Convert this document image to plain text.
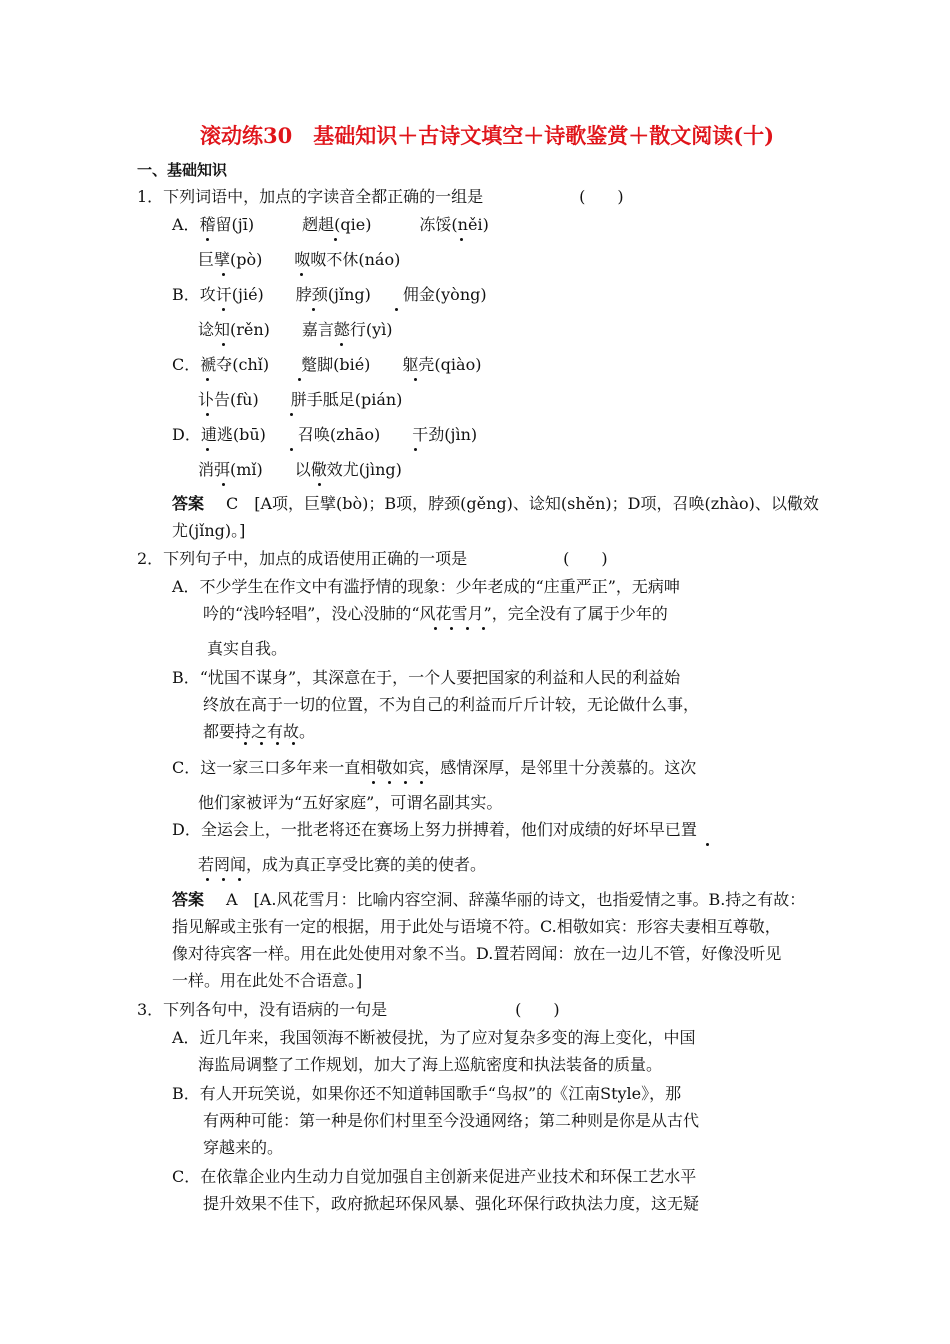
滚动练30　基础知识＋古诗文填空＋诗歌鉴赏＋散文阅读(十)
一、基础知识
1．下列词语中，加点的字读音全都正确的一组是　　　　　　(　　)
A．稽留(jī)　　　趔趄(qie)　　　冻馁(něi)
巨擘(pò)　　呶呶不休(náo)
B．攻讦(jié)　　脖颈(jǐng)　　佣金(yòng)
谂知(rěn)　　嘉言懿行(yì)
C．褫夺(chǐ)　　蹩脚(bié)　　躯壳(qiào)
讣告(fù)　　胼手胝足(pián)
D．逋逃(bū)　　召唤(zhāo)　　干劲(jìn)
消弭(mǐ)　　以儆效尤(jìng)
答案 C　[A项，巨擘(bò)；B项，脖颈(gěng)、谂知(shěn)；D项，召唤(zhào)、以儆效
尤(jǐng)。]
2．下列句子中，加点的成语使用正确的一项是　　　　　　(　　)
A．不少学生在作文中有滥抒情的现象：少年老成的“庄重严正”，无病呻
吟的“浅吟轻唱”，没心没肺的“风花雪月”，完全没有了属于少年的
真实自我。
B．“忧国不谋身”，其深意在于，一个人要把国家的利益和人民的利益始
终放在高于一切的位置，不为自己的利益而斤斤计较，无论做什么事，
都要持之有故。
C．这一家三口多年来一直相敬如宾，感情深厚，是邻里十分羡慕的。这次
他们家被评为“五好家庭”，可谓名副其实。
D．全运会上，一批老将还在赛场上努力拼搏着，他们对成绩的好坏早已置
若罔闻，成为真正享受比赛的美的使者。
答案 A　[A.风花雪月：比喻内容空洞、辞藻华丽的诗文，也指爱情之事。B.持之有故：
指见解或主张有一定的根据，用于此处与语境不符。C.相敬如宾：形容夫妻相互尊敬，
像对待宾客一样。用在此处使用对象不当。D.置若罔闻：放在一边儿不管，好像没听见
一样。用在此处不合语意。]
3．下列各句中，没有语病的一句是　　　　　　　　(　　)
A．近几年来，我国领海不断被侵扰，为了应对复杂多变的海上变化，中国
海监局调整了工作规划，加大了海上巡航密度和执法装备的质量。
B．有人开玩笑说，如果你还不知道韩国歌手“鸟叔”的《江南Style》，那
有两种可能：第一种是你们村里至今没通网络；第二种则是你是从古代
穿越来的。
C．在依靠企业内生动力自觉加强自主创新来促进产业技术和环保工艺水平
提升效果不佳下，政府掀起环保风暴、强化环保行政执法力度，这无疑
